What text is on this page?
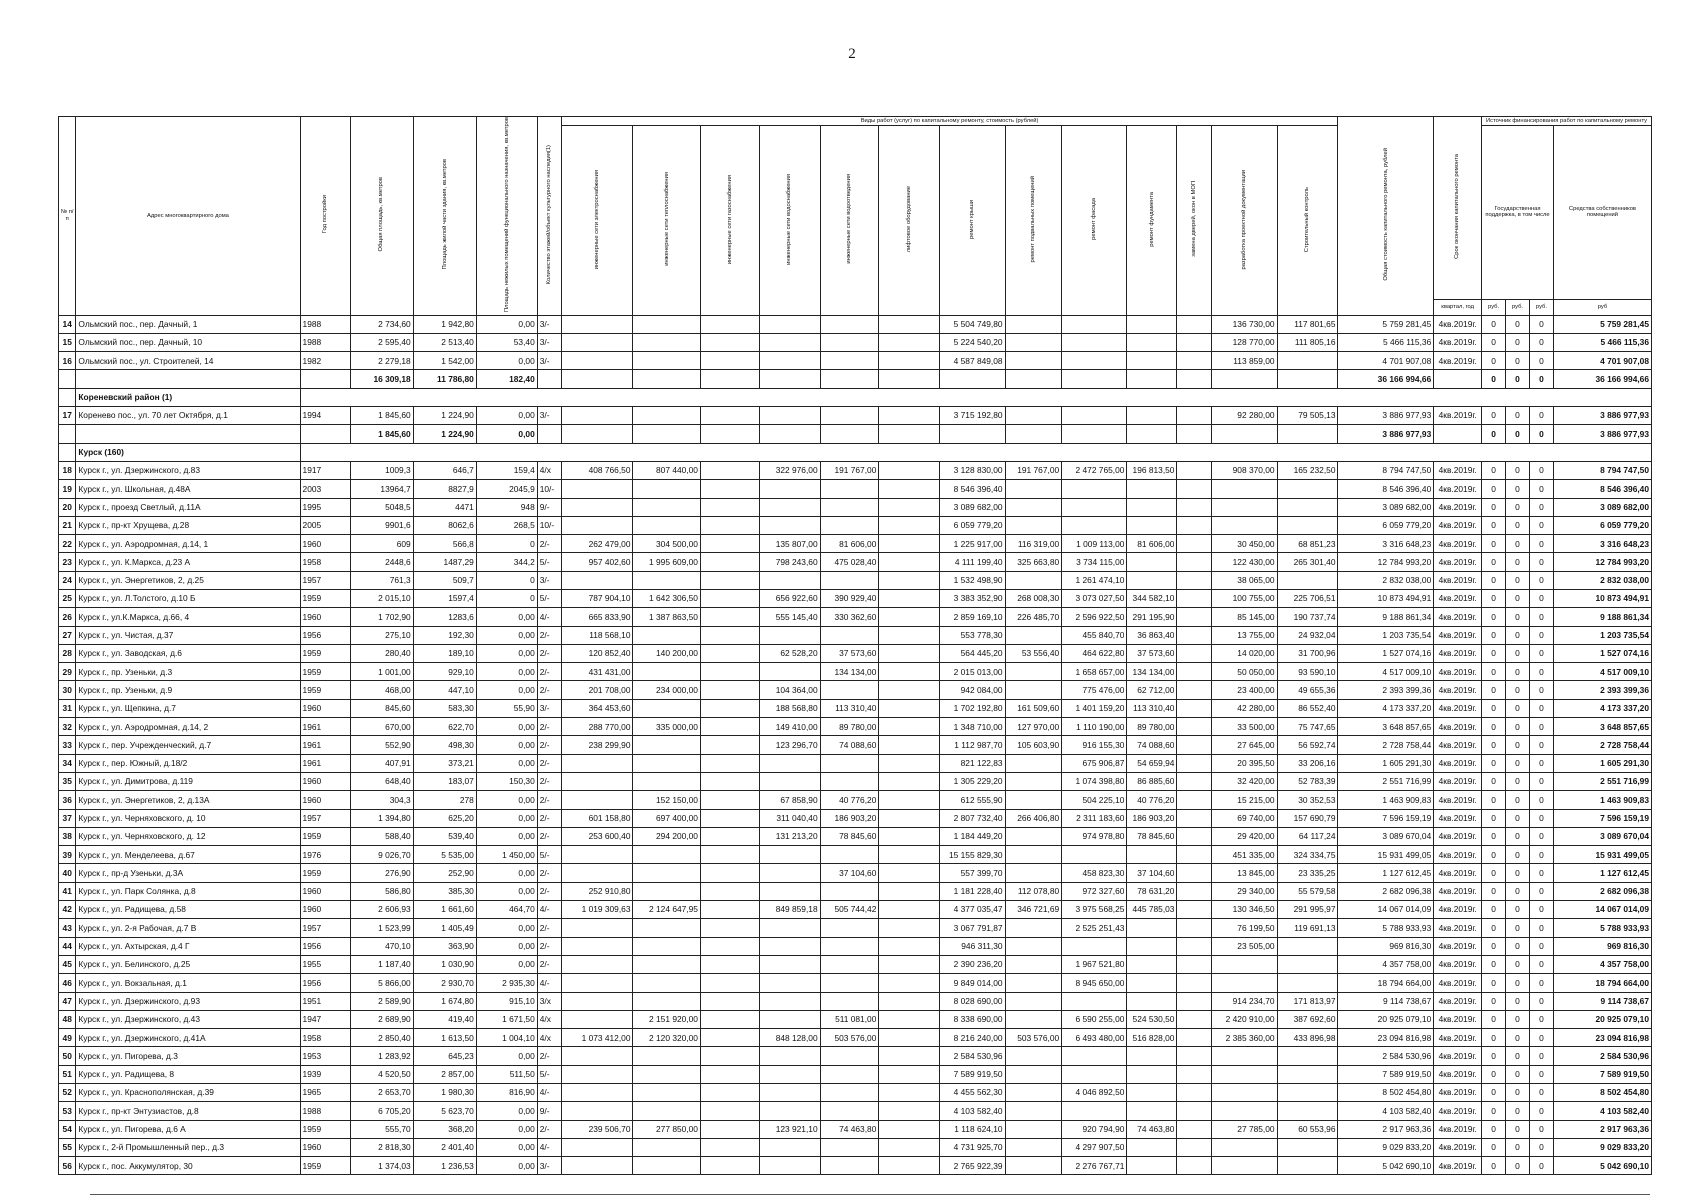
2
№ п/п	Адрес многоквартирного дома	Год постройки	Общая площадь, кв.метров	Площадь жилой части здания, кв.метров	Площадь нежилых помещений функционального назначения, кв.метров	Количество этажей/объект культурного наследия(1)	Виды работ (услуг) по капитальному ремонту, стоимость (рублей)													Общая стоимость капитального ремонта, рублей	Срок окончания капитального ремонта	Источник финансирования работ по капитальному ремонту			
							инженерные сети электроснабжения	инженерные сети теплоснабжения	инженерные сети газоснабжения	инженерные сети водоснабжения	инженерные сети водоотведения	лифтовое оборудование	ремонт крыши	ремонт подвальных помещений	ремонт фасада	ремонт фундамента	замена дверей, окон в МОП	разработка проектной документации	Строительный контроль			Государственная поддержка, в том числе			Средства собственников помещений
																					квартал, год	руб.	руб.	руб.	руб
14	Ольмский пос., пер. Дачный, 1	1988	2 734,60	1 942,80	0,00	3/-							5 504 749,80					136 730,00	117 801,65	5 759 281,45	4кв.2019г.	0	0	0	5 759 281,45
15	Ольмский пос., пер. Дачный, 10	1988	2 595,40	2 513,40	53,40	3/-							5 224 540,20					128 770,00	111 805,16	5 466 115,36	4кв.2019г.	0	0	0	5 466 115,36
16	Ольмский пос., ул. Строителей, 14	1982	2 279,18	1 542,00	0,00	3/-							4 587 849,08					113 859,00		4 701 907,08	4кв.2019г.	0	0	0	4 701 907,08
			16 309,18	11 786,80	182,40															36 166 994,66		0	0	0	36 166 994,66
	Кореневский район (1)																								
17	Коренево пос., ул. 70 лет Октября, д.1	1994	1 845,60	1 224,90	0,00	3/-							3 715 192,80					92 280,00	79 505,13	3 886 977,93	4кв.2019г.	0	0	0	3 886 977,93
			1 845,60	1 224,90	0,00															3 886 977,93		0	0	0	3 886 977,93
	Курск (160)																								
18	Курск г., ул. Дзержинского, д.83	1917	1009,3	646,7	159,4	4/x	408 766,50	807 440,00		322 976,00	191 767,00		3 128 830,00	191 767,00	2 472 765,00	196 813,50		908 370,00	165 232,50	8 794 747,50	4кв.2019г.	0	0	0	8 794 747,50
19	Курск г., ул. Школьная, д.48А	2003	13964,7	8827,9	2045,9	10/-							8 546 396,40							8 546 396,40	4кв.2019г.	0	0	0	8 546 396,40
20	Курск г., проезд Светлый, д.11А	1995	5048,5	4471	948	9/-							3 089 682,00							3 089 682,00	4кв.2019г.	0	0	0	3 089 682,00
21	Курск г., пр-кт Хрущева, д.28	2005	9901,6	8062,6	268,5	10/-							6 059 779,20							6 059 779,20	4кв.2019г.	0	0	0	6 059 779,20
22	Курск г., ул. Аэродромная, д.14, 1	1960	609	566,8	0	2/-	262 479,00	304 500,00		135 807,00	81 606,00		1 225 917,00	116 319,00	1 009 113,00	81 606,00		30 450,00	68 851,23	3 316 648,23	4кв.2019г.	0	0	0	3 316 648,23
23	Курск г., ул. К.Маркса, д.23 А	1958	2448,6	1487,29	344,2	5/-	957 402,60	1 995 609,00		798 243,60	475 028,40		4 111 199,40	325 663,80	3 734 115,00			122 430,00	265 301,40	12 784 993,20	4кв.2019г.	0	0	0	12 784 993,20
24	Курск г., ул. Энергетиков, 2, д.25	1957	761,3	509,7	0	3/-							1 532 498,90		1 261 474,10			38 065,00		2 832 038,00	4кв.2019г.	0	0	0	2 832 038,00
25	Курск г., ул. Л.Толстого, д.10 Б	1959	2 015,10	1597,4	0	5/-	787 904,10	1 642 306,50		656 922,60	390 929,40		3 383 352,90	268 008,30	3 073 027,50	344 582,10		100 755,00	225 706,51	10 873 494,91	4кв.2019г.	0	0	0	10 873 494,91
26	Курск г., ул.К.Маркса, д.66, 4	1960	1 702,90	1283,6	0,00	4/-	665 833,90	1 387 863,50		555 145,40	330 362,60		2 859 169,10	226 485,70	2 596 922,50	291 195,90		85 145,00	190 737,74	9 188 861,34	4кв.2019г.	0	0	0	9 188 861,34
27	Курск г., ул. Чистая, д.37	1956	275,10	192,30	0,00	2/-	118 568,10						553 778,30		455 840,70	36 863,40		13 755,00	24 932,04	1 203 735,54	4кв.2019г.	0	0	0	1 203 735,54
28	Курск г., ул. Заводская, д.6	1959	280,40	189,10	0,00	2/-	120 852,40	140 200,00		62 528,20	37 573,60		564 445,20	53 556,40	464 622,80	37 573,60		14 020,00	31 700,96	1 527 074,16	4кв.2019г.	0	0	0	1 527 074,16
29	Курск г., пр. Узеньки, д.3	1959	1 001,00	929,10	0,00	2/-	431 431,00				134 134,00		2 015 013,00		1 658 657,00	134 134,00		50 050,00	93 590,10	4 517 009,10	4кв.2019г.	0	0	0	4 517 009,10
30	Курск г., пр. Узеньки, д.9	1959	468,00	447,10	0,00	2/-	201 708,00	234 000,00		104 364,00			942 084,00		775 476,00	62 712,00		23 400,00	49 655,36	2 393 399,36	4кв.2019г.	0	0	0	2 393 399,36
31	Курск г., ул. Щепкина, д.7	1960	845,60	583,30	55,90	3/-	364 453,60			188 568,80	113 310,40		1 702 192,80	161 509,60	1 401 159,20	113 310,40		42 280,00	86 552,40	4 173 337,20	4кв.2019г.	0	0	0	4 173 337,20
32	Курск г., ул. Аэродромная, д.14, 2	1961	670,00	622,70	0,00	2/-	288 770,00	335 000,00		149 410,00	89 780,00		1 348 710,00	127 970,00	1 110 190,00	89 780,00		33 500,00	75 747,65	3 648 857,65	4кв.2019г.	0	0	0	3 648 857,65
33	Курск г., пер. Учрежденческий, д.7	1961	552,90	498,30	0,00	2/-	238 299,90			123 296,70	74 088,60		1 112 987,70	105 603,90	916 155,30	74 088,60		27 645,00	56 592,74	2 728 758,44	4кв.2019г.	0	0	0	2 728 758,44
34	Курск г., пер. Южный, д.18/2	1961	407,91	373,21	0,00	2/-							821 122,83		675 906,87	54 659,94		20 395,50	33 206,16	1 605 291,30	4кв.2019г.	0	0	0	1 605 291,30
35	Курск г., ул. Димитрова, д.119	1960	648,40	183,07	150,30	2/-							1 305 229,20		1 074 398,80	86 885,60		32 420,00	52 783,39	2 551 716,99	4кв.2019г.	0	0	0	2 551 716,99
36	Курск г., ул. Энергетиков, 2, д.13А	1960	304,3	278	0,00	2/-		152 150,00		67 858,90	40 776,20		612 555,90		504 225,10	40 776,20		15 215,00	30 352,53	1 463 909,83	4кв.2019г.	0	0	0	1 463 909,83
37	Курск г., ул. Черняховского, д. 10	1957	1 394,80	625,20	0,00	2/-	601 158,80	697 400,00		311 040,40	186 903,20		2 807 732,40	266 406,80	2 311 183,60	186 903,20		69 740,00	157 690,79	7 596 159,19	4кв.2019г.	0	0	0	7 596 159,19
38	Курск г., ул. Черняховского, д. 12	1959	588,40	539,40	0,00	2/-	253 600,40	294 200,00		131 213,20	78 845,60		1 184 449,20		974 978,80	78 845,60		29 420,00	64 117,24	3 089 670,04	4кв.2019г.	0	0	0	3 089 670,04
39	Курск г., ул. Менделеева, д.67	1976	9 026,70	5 535,00	1 450,00	5/-							15 155 829,30					451 335,00	324 334,75	15 931 499,05	4кв.2019г.	0	0	0	15 931 499,05
40	Курск г., пр-д Узеньки, д.3А	1959	276,90	252,90	0,00	2/-					37 104,60		557 399,70		458 823,30	37 104,60		13 845,00	23 335,25	1 127 612,45	4кв.2019г.	0	0	0	1 127 612,45
41	Курск г., ул. Парк Солянка, д.8	1960	586,80	385,30	0,00	2/-	252 910,80						1 181 228,40	112 078,80	972 327,60	78 631,20		29 340,00	55 579,58	2 682 096,38	4кв.2019г.	0	0	0	2 682 096,38
42	Курск г., ул. Радищева, д.58	1960	2 606,93	1 661,60	464,70	4/-	1 019 309,63	2 124 647,95		849 859,18	505 744,42		4 377 035,47	346 721,69	3 975 568,25	445 785,03		130 346,50	291 995,97	14 067 014,09	4кв.2019г.	0	0	0	14 067 014,09
43	Курск г., ул. 2-я Рабочая, д.7 В	1957	1 523,99	1 405,49	0,00	2/-							3 067 791,87		2 525 251,43			76 199,50	119 691,13	5 788 933,93	4кв.2019г.	0	0	0	5 788 933,93
44	Курск г., ул. Ахтырская, д.4 Г	1956	470,10	363,90	0,00	2/-							946 311,30					23 505,00		969 816,30	4кв.2019г.	0	0	0	969 816,30
45	Курск г., ул. Белинского, д.25	1955	1 187,40	1 030,90	0,00	2/-							2 390 236,20		1 967 521,80					4 357 758,00	4кв.2019г.	0	0	0	4 357 758,00
46	Курск г., ул. Вокзальная, д.1	1956	5 866,00	2 930,70	2 935,30	4/-							9 849 014,00		8 945 650,00					18 794 664,00	4кв.2019г.	0	0	0	18 794 664,00
47	Курск г., ул. Дзержинского, д.93	1951	2 589,90	1 674,80	915,10	3/x							8 028 690,00					914 234,70	171 813,97	9 114 738,67	4кв.2019г.	0	0	0	9 114 738,67
48	Курск г., ул. Дзержинского, д.43	1947	2 689,90	419,40	1 671,50	4/x		2 151 920,00			511 081,00		8 338 690,00		6 590 255,00	524 530,50		2 420 910,00	387 692,60	20 925 079,10	4кв.2019г.	0	0	0	20 925 079,10
49	Курск г., ул. Дзержинского, д.41А	1958	2 850,40	1 613,50	1 004,10	4/x	1 073 412,00	2 120 320,00		848 128,00	503 576,00		8 216 240,00	503 576,00	6 493 480,00	516 828,00		2 385 360,00	433 896,98	23 094 816,98	4кв.2019г.	0	0	0	23 094 816,98
50	Курск г., ул. Пигорева, д.3	1953	1 283,92	645,23	0,00	2/-							2 584 530,96							2 584 530,96	4кв.2019г.	0	0	0	2 584 530,96
51	Курск г., ул. Радищева, 8	1939	4 520,50	2 857,00	511,50	5/-							7 589 919,50							7 589 919,50	4кв.2019г.	0	0	0	7 589 919,50
52	Курск г., ул. Краснополянская, д.39	1965	2 653,70	1 980,30	816,90	4/-							4 455 562,30		4 046 892,50					8 502 454,80	4кв.2019г.	0	0	0	8 502 454,80
53	Курск г., пр-кт Энтузиастов, д.8	1988	6 705,20	5 623,70	0,00	9/-							4 103 582,40							4 103 582,40	4кв.2019г.	0	0	0	4 103 582,40
54	Курск г., ул. Пигорева, д.6 А	1959	555,70	368,20	0,00	2/-	239 506,70	277 850,00		123 921,10	74 463,80		1 118 624,10		920 794,90	74 463,80		27 785,00	60 553,96	2 917 963,36	4кв.2019г.	0	0	0	2 917 963,36
55	Курск г., 2-й Промышленный пер., д.3	1960	2 818,30	2 401,40	0,00	4/-							4 731 925,70		4 297 907,50					9 029 833,20	4кв.2019г.	0	0	0	9 029 833,20
56	Курск г., пос. Аккумулятор, 30	1959	1 374,03	1 236,53	0,00	3/-							2 765 922,39		2 276 767,71					5 042 690,10	4кв.2019г.	0	0	0	5 042 690,10
